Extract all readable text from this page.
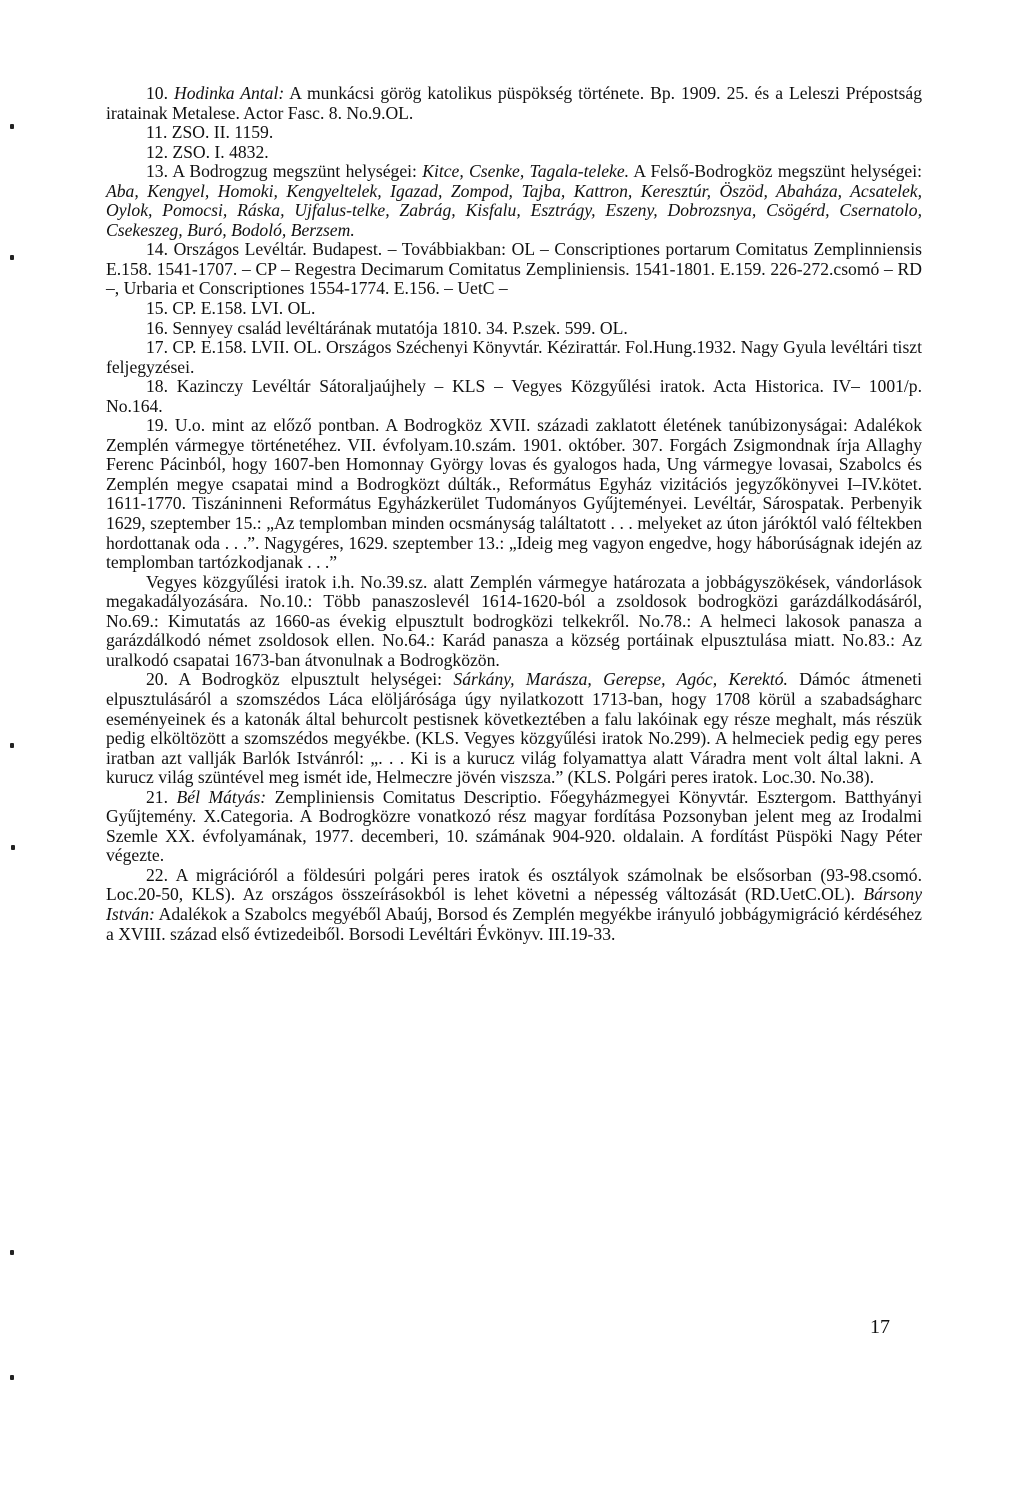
10. Hodinka Antal: A munkácsi görög katolikus püspökség története. Bp. 1909. 25. és a Leleszi Prépostság iratainak Metalese. Actor Fasc. 8. No.9.OL.

11. ZSO. II. 1159.

12. ZSO. I. 4832.

13. A Bodrogzug megszünt helységei: Kitce, Csenke, Tagala-teleke. A Felső-Bodrogköz megszünt helységei: Aba, Kengyel, Homoki, Kengyeltelek, Igazad, Zompod, Tajba, Kattron, Keresztúr, Öszöd, Abaháza, Acsatelek, Oylok, Pomocsi, Ráska, Ujfalus-telke, Zabrág, Kisfalu, Esztrágy, Eszeny, Dobrozsnya, Csögérd, Csernatolo, Csekeszeg, Buró, Bodoló, Berzsem.

14. Országos Levéltár. Budapest. – Továbbiakban: OL – Conscriptiones portarum Comitatus Zemplinniensis E.158. 1541-1707. – CP – Regestra Decimarum Comitatus Zempliniensis. 1541-1801. E.159. 226-272.csomó – RD –, Urbaria et Conscriptiones 1554-1774. E.156. – UetC –

15. CP. E.158. LVI. OL.

16. Sennyey család levéltárának mutatója 1810. 34. P.szek. 599. OL.

17. CP. E.158. LVII. OL. Országos Széchenyi Könyvtár. Kézirattár. Fol.Hung.1932. Nagy Gyula levéltári tiszt feljegyzései.

18. Kazinczy Levéltár Sátoraljaújhely – KLS – Vegyes Közgyűlési iratok. Acta Historica. IV– 1001/p. No.164.

19. U.o. mint az előző pontban. A Bodrogköz XVII. századi zaklatott életének tanúbizonyságai: Adalékok Zemplén vármegye történetéhez. VII. évfolyam.10.szám. 1901. október. 307. Forgách Zsigmondnak írja Allaghy Ferenc Pácinból, hogy 1607-ben Homonnay György lovas és gyalogos hada, Ung vármegye lovasai, Szabolcs és Zemplén megye csapatai mind a Bodrogközt dúlták., Református Egyház vizitációs jegyzőkönyvei I–IV.kötet. 1611-1770. Tiszáninneni Református Egyházkerület Tudományos Gyűjteményei. Levéltár, Sárospatak. Perbenyik 1629, szeptember 15.: „Az templomban minden ocsmányság találtatott . . . melyeket az úton járóktól való féltekben hordottanak oda . . .”. Nagygéres, 1629. szeptember 13.: „Ideig meg vagyon engedve, hogy háborúságnak idején az templomban tartózkodjanak . . .”

Vegyes közgyűlési iratok i.h. No.39.sz. alatt Zemplén vármegye határozata a jobbágyszökések, vándorlások megakadályozására. No.10.: Több panaszoslevél 1614-1620-ból a zsoldosok bodrogközi garázdálkodásáról, No.69.: Kimutatás az 1660-as évekig elpusztult bodrogközi telkekről. No.78.: A helmeci lakosok panasza a garázdálkodó német zsoldosok ellen. No.64.: Karád panasza a község portáinak elpusztulása miatt. No.83.: Az uralkodó csapatai 1673-ban átvonulnak a Bodrogközön.

20. A Bodrogköz elpusztult helységei: Sárkány, Marásza, Gerepse, Agóc, Kerektó. Dámóc átmeneti elpusztulásáról a szomszédos Láca elöljárósága úgy nyilatkozott 1713-ban, hogy 1708 körül a szabadságharc eseményeinek és a katonák által behurcolt pestisnek következtében a falu lakóinak egy része meghalt, más részük pedig elköltözött a szomszédos megyékbe. (KLS. Vegyes közgyűlési iratok No.299). A helmeciek pedig egy peres iratban azt vallják Barlók Istvánról: „. . . Ki is a kurucz világ folyamattya alatt Váradra ment volt által lakni. A kurucz világ szüntével meg ismét ide, Helmeczre jövén viszsza.” (KLS. Polgári peres iratok. Loc.30. No.38).

21. Bél Mátyás: Zempliniensis Comitatus Descriptio. Főegyházmegyei Könyvtár. Esztergom. Batthyányi Gyűjtemény. X.Categoria. A Bodrogközre vonatkozó rész magyar fordítása Pozsonyban jelent meg az Irodalmi Szemle XX. évfolyamának, 1977. decemberi, 10. számának 904-920. oldalain. A fordítást Püspöki Nagy Péter végezte.

22. A migrációról a földesúri polgári peres iratok és osztályok számolnak be elsősorban (93-98.csomó. Loc.20-50, KLS). Az országos összeírásokból is lehet követni a népesség változását (RD.UetC.OL). Bársony István: Adalékok a Szabolcs megyéből Abaúj, Borsod és Zemplén megyékbe irányuló jobbágymigráció kérdéséhez a XVIII. század első évtizedeiből. Borsodi Levéltári Évkönyv. III.19-33.

17
